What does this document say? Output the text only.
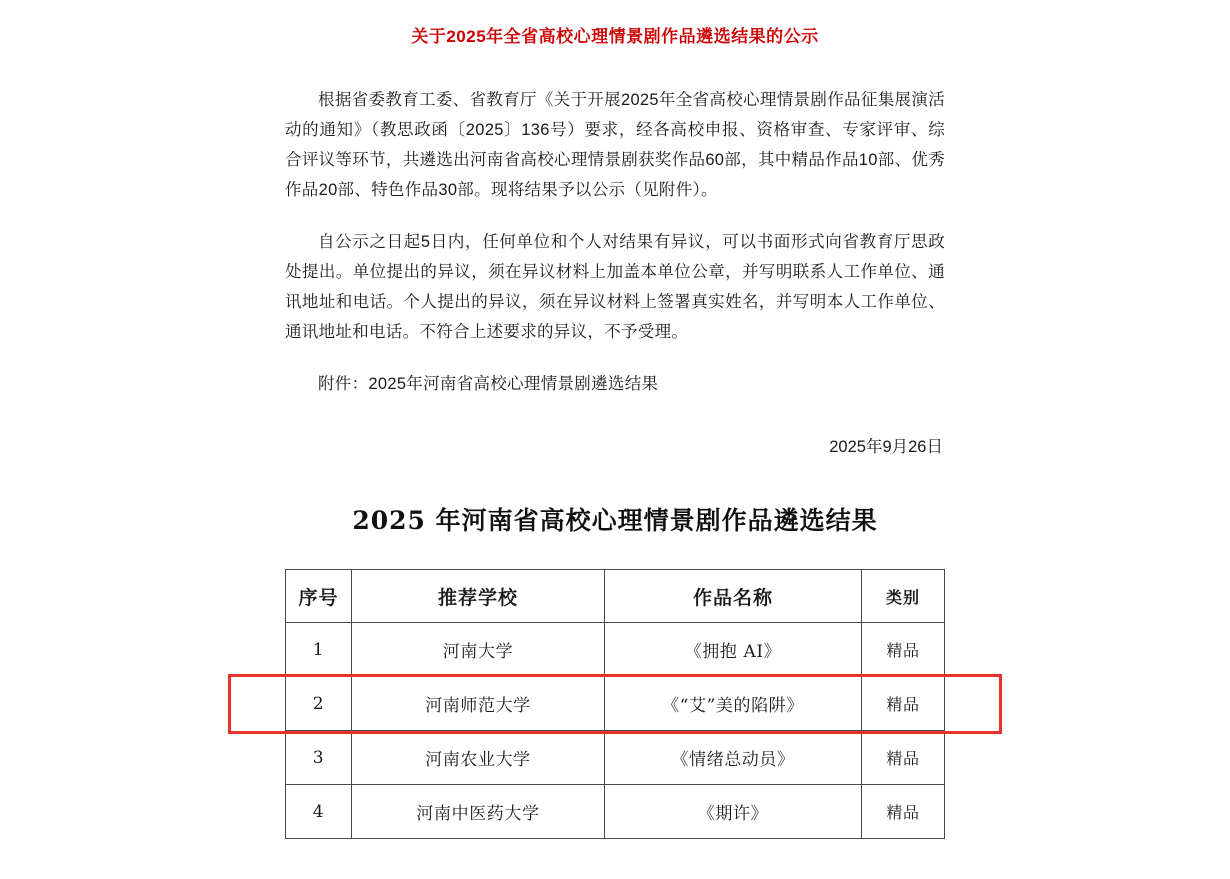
关于2025年全省高校心理情景剧作品遴选结果的公示

根据省委教育工委、省教育厅《关于开展2025年全省高校心理情景剧作品征集展演活动的通知》（教思政函〔2025〕136号）要求，经各高校申报、资格审查、专家评审、综合评议等环节，共遴选出河南省高校心理情景剧获奖作品60部，其中精品作品10部、优秀作品20部、特色作品30部。现将结果予以公示（见附件）。

自公示之日起5日内，任何单位和个人对结果有异议，可以书面形式向省教育厅思政处提出。单位提出的异议，须在异议材料上加盖本单位公章，并写明联系人工作单位、通讯地址和电话。个人提出的异议，须在异议材料上签署真实姓名，并写明本人工作单位、通讯地址和电话。不符合上述要求的异议，不予受理。

附件：2025年河南省高校心理情景剧遴选结果

2025年9月26日

2025 年河南省高校心理情景剧作品遴选结果
序号	推荐学校	作品名称	类别
1	河南大学	《拥抱 AI》	精品
2	河南师范大学	《“艾”美的陷阱》	精品
3	河南农业大学	《情绪总动员》	精品
4	河南中医药大学	《期许》	精品
